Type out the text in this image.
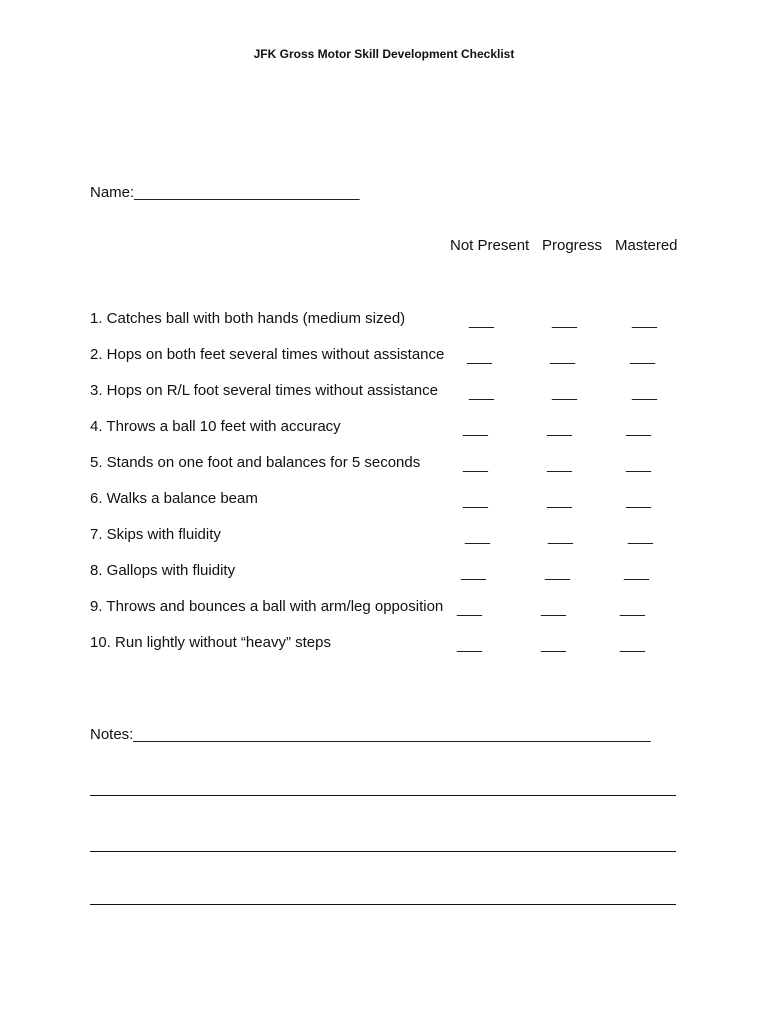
JFK Gross Motor Skill Development Checklist
Name:___________________________
Not Present Progress Mastered
1. Catches ball with both hands (medium sized)	___	___	___
2. Hops on both feet several times without assistance ___	___	___
3. Hops on R/L foot several times without assistance ___	___	___
4. Throws a ball 10 feet with accuracy	___	___	___
5. Stands on one foot and balances for 5 seconds	___	___	___
6. Walks a balance beam	___	___	___
7. Skips with fluidity	___	___	___
8. Gallops with fluidity	___	___	___
9. Throws and bounces a ball with arm/leg opposition ___	___	___
10. Run lightly without “heavy” steps	___	___	___
Notes:______________________________________________________________
